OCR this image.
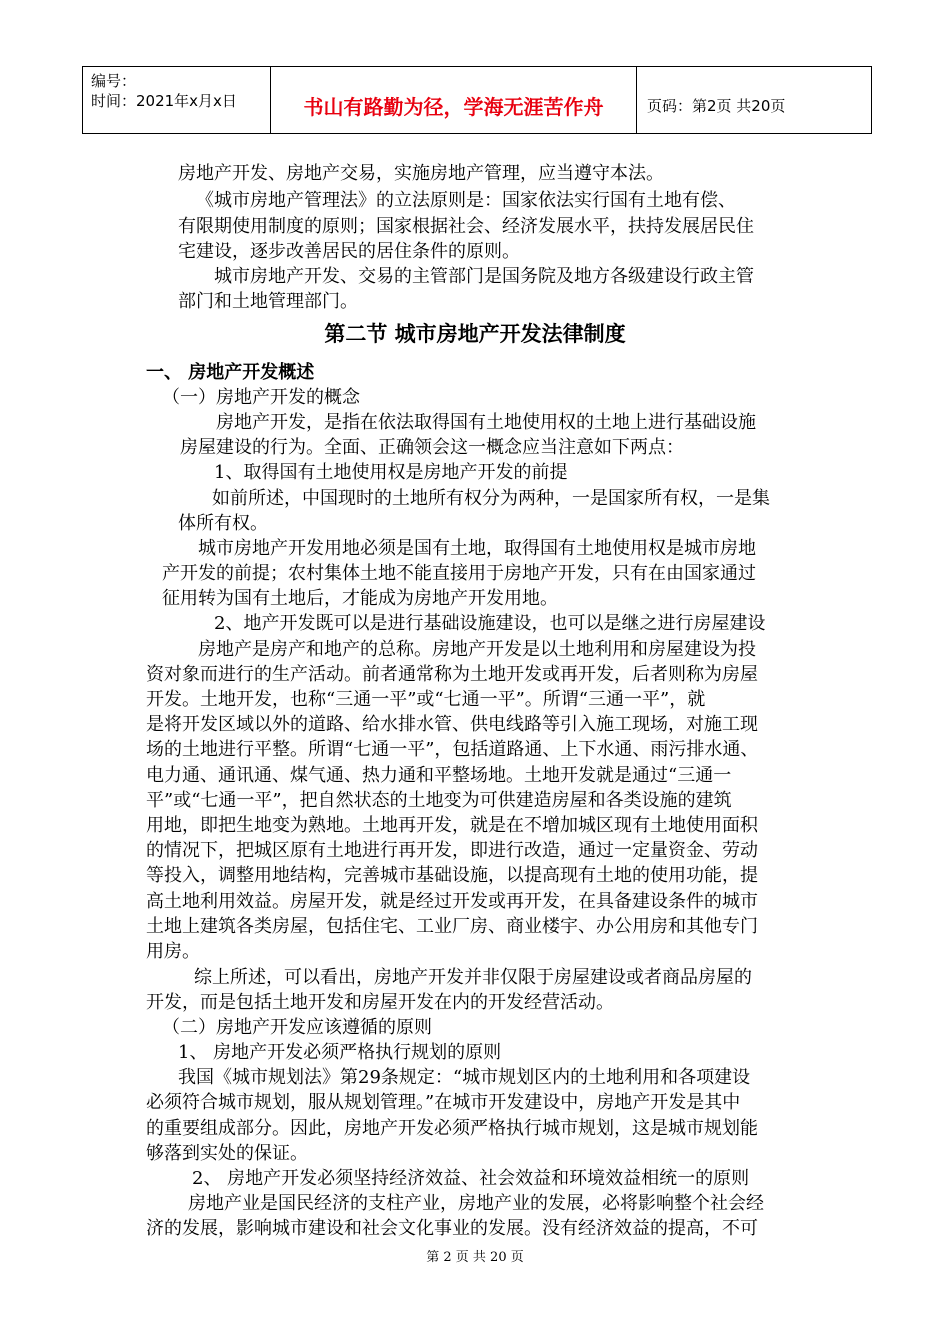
编号：
时间：2021年x月x日	书山有路勤为径，学海无涯苦作舟	页码：第2页 共20页
房地产开发、房地产交易，实施房地产管理，应当遵守本法。
《城市房地产管理法》的立法原则是：国家依法实行国有土地有偿、
有限期使用制度的原则；国家根据社会、经济发展水平，扶持发展居民住
宅建设，逐步改善居民的居住条件的原则。
城市房地产开发、交易的主管部门是国务院及地方各级建设行政主管
部门和土地管理部门。
第二节 城市房地产开发法律制度
一、 房地产开发概述
（一）房地产开发的概念
房地产开发，是指在依法取得国有土地使用权的土地上进行基础设施
房屋建设的行为。全面、正确领会这一概念应当注意如下两点：
1、取得国有土地使用权是房地产开发的前提
如前所述，中国现时的土地所有权分为两种，一是国家所有权，一是集
体所有权。
城市房地产开发用地必须是国有土地，取得国有土地使用权是城市房地
产开发的前提；农村集体土地不能直接用于房地产开发，只有在由国家通过
征用转为国有土地后，才能成为房地产开发用地。
2、地产开发既可以是进行基础设施建设，也可以是继之进行房屋建设
房地产是房产和地产的总称。房地产开发是以土地利用和房屋建设为投
资对象而进行的生产活动。前者通常称为土地开发或再开发，后者则称为房屋
开发。土地开发，也称“三通一平”或“七通一平”。所谓“三通一平”，就
是将开发区域以外的道路、给水排水管、供电线路等引入施工现场，对施工现
场的土地进行平整。所谓“七通一平”，包括道路通、上下水通、雨污排水通、
电力通、通讯通、煤气通、热力通和平整场地。土地开发就是通过“三通一
平”或“七通一平”，把自然状态的土地变为可供建造房屋和各类设施的建筑
用地，即把生地变为熟地。土地再开发，就是在不增加城区现有土地使用面积
的情况下，把城区原有土地进行再开发，即进行改造，通过一定量资金、劳动
等投入，调整用地结构，完善城市基础设施，以提高现有土地的使用功能，提
高土地利用效益。房屋开发，就是经过开发或再开发，在具备建设条件的城市
土地上建筑各类房屋，包括住宅、工业厂房、商业楼宇、办公用房和其他专门
用房。
综上所述，可以看出，房地产开发并非仅限于房屋建设或者商品房屋的
开发，而是包括土地开发和房屋开发在内的开发经营活动。
（二）房地产开发应该遵循的原则
1、 房地产开发必须严格执行规划的原则
我国《城市规划法》第29条规定：“城市规划区内的土地利用和各项建设
必须符合城市规划，服从规划管理。”在城市开发建设中，房地产开发是其中
的重要组成部分。因此，房地产开发必须严格执行城市规划，这是城市规划能
够落到实处的保证。
2、 房地产开发必须坚持经济效益、社会效益和环境效益相统一的原则
房地产业是国民经济的支柱产业，房地产业的发展，必将影响整个社会经
济的发展，影响城市建设和社会文化事业的发展。没有经济效益的提高，不可
第 2 页 共 20 页
